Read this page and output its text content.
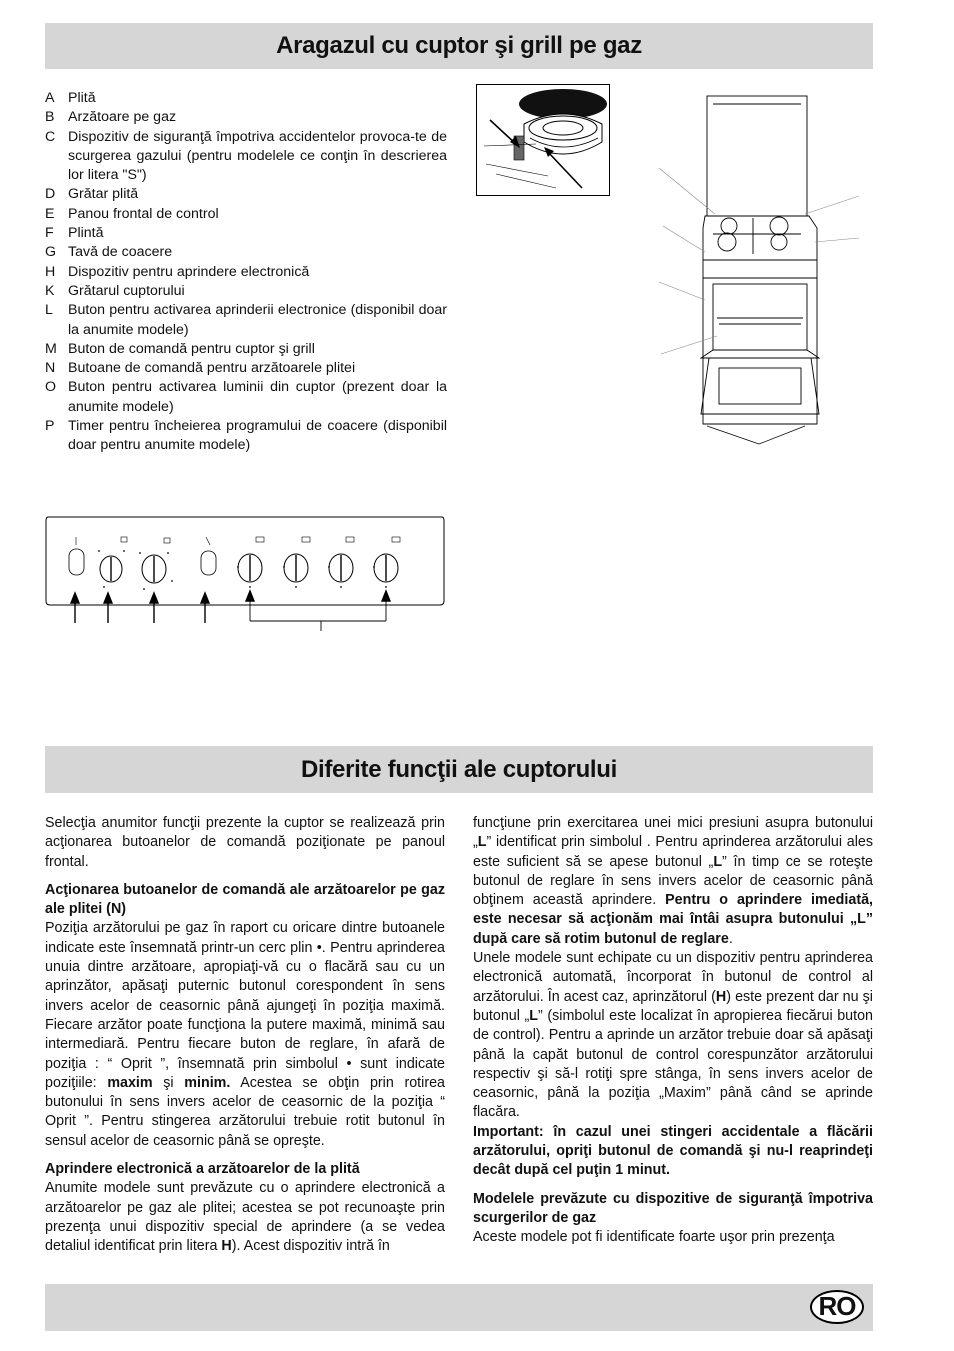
Aragazul cu cuptor şi grill pe gaz
A Plită
B Arzătoare pe gaz
C Dispozitiv de siguranţă împotriva accidentelor provoca-te de scurgerea gazului (pentru modelele ce conţin în descrierea lor litera "S")
D Grătar plită
E Panou frontal de control
F	Plintă
G Tavă de coacere
H Dispozitiv pentru aprindere electronică
K Grătarul cuptorului
L	Buton pentru activarea aprinderii electronice (disponibil doar la anumite modele)
M Buton de comandă pentru cuptor şi grill
N Butoane de comandă pentru arzătoarele plitei
O Buton pentru activarea luminii din cuptor (prezent doar la anumite modele)
P Timer pentru încheierea programului de coacere (disponibil doar pentru anumite modele)
Diferite funcţii ale cuptorului

Selecţia anumitor funcţii prezente la cuptor se realizează prin acţionarea butoanelor de comandă poziţionate pe panoul frontal.

Acţionarea butoanelor de comandă ale arzătoarelor pe gaz ale plitei (N)

Poziţia arzătorului pe gaz în raport cu oricare dintre butoanele indicate este însemnată printr-un cerc plin •. Pentru aprinderea unuia dintre arzătoare, apropiaţi-vă cu o flacără sau cu un aprinzător, apăsaţi puternic butonul corespondent în sens invers acelor de ceasornic până ajungeţi în poziţia maximă. Fiecare arzător poate funcţiona la putere maximă, minimă sau intermediară. Pentru fiecare buton de reglare, în afară de poziţia : “ Oprit ”, însemnată prin simbolul • sunt indicate poziţiile: maxim şi minim. Acestea se obţin prin rotirea butonului în sens invers acelor de ceasornic de la poziţia “ Oprit ”. Pentru stingerea arzătorului trebuie rotit butonul în sensul acelor de ceasornic până se opreşte.

Aprindere electronică a arzătoarelor de la plită

Anumite modele sunt prevăzute cu o aprindere electronică a arzătoarelor pe gaz ale plitei; acestea se pot recunoaşte prin prezenţa unui dispozitiv special de aprindere (a se vedea detaliul identificat prin litera H). Acest dispozitiv intră în

funcţiune prin exercitarea unei mici presiuni asupra butonului „L” identificat prin simbolul . Pentru aprinderea arzătorului ales este suficient să se apese butonul „L” în timp ce se roteşte butonul de reglare în sens invers acelor de ceasornic până obţinem această aprindere. Pentru o aprindere imediată, este necesar să acţionăm mai întâi asupra butonului „L” după care să rotim butonul de reglare.

Unele modele sunt echipate cu un dispozitiv pentru aprinderea electronică automată, încorporat în butonul de control al arzătorului. În acest caz, aprinzătorul (H) este prezent dar nu şi butonul „L” (simbolul este localizat în apropierea fiecărui buton de control). Pentru a aprinde un arzător trebuie doar să apăsaţi până la capăt butonul de control corespunzător arzătorului respectiv şi să-l rotiţi spre stânga, în sens invers acelor de ceasornic, până la poziţia „Maxim” până când se aprinde flacăra.

Important: în cazul unei stingeri accidentale a flăcării arzătorului, opriţi butonul de comandă şi nu-l reaprindeţi decât după cel puţin 1 minut.

Modelele prevăzute cu dispozitive de siguranţă împotriva scurgerilor de gaz

Aceste modele pot fi identificate foarte uşor prin prezenţa

RO
